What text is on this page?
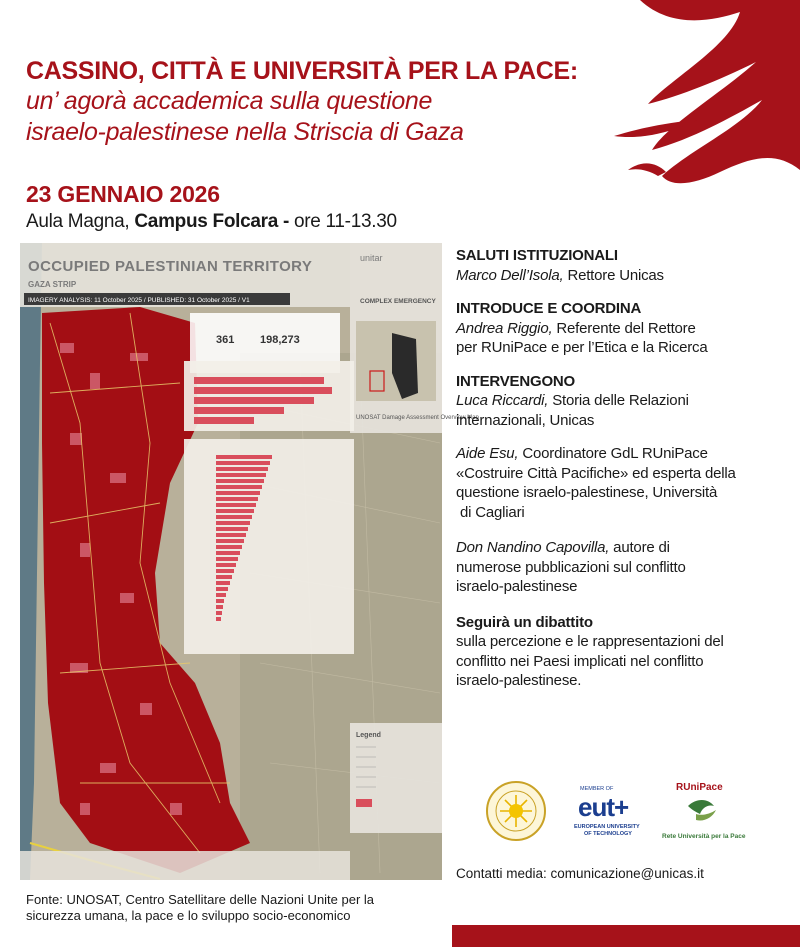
CASSINO, CITTÀ E UNIVERSITÀ PER LA PACE:
un’ agorà accademica sulla questione
israelo-palestinese nella Striscia di Gaza
23 GENNAIO 2026
Aula Magna, Campus Folcara - ore 11-13.30
OCCUPIED PALESTINIAN TERRITORY
GAZA STRIP
IMAGERY ANALYSIS: 11 October 2025 / PUBLISHED: 31 October 2025 / V1
unitar
COMPLEX EMERGENCY
UNOSAT Damage Assessment Overview Map
361 198,273
Legend
SALUTI ISTITUZIONALI
Marco Dell’Isola, Rettore Unicas
INTRODUCE E COORDINA
Andrea Riggio, Referente del Rettore
per RUniPace e per l’Etica e la Ricerca
INTERVENGONO
Luca Riccardi, Storia delle Relazioni
internazionali, Unicas
Aide Esu, Coordinatore GdL RUniPace
«Costruire Città Pacifiche» ed esperta della
questione israelo-palestinese, Università
di Cagliari
Don Nandino Capovilla, autore di
numerose pubblicazioni sul conflitto
israelo-palestinese
Seguirà un dibattito
sulla percezione e le rappresentazioni del
conflitto nei Paesi implicati nel conflitto
israelo-palestinese.
MEMBER OF
eut+
EUROPEAN UNIVERSITY
OF TECHNOLOGY
RUniPace
Rete Università per la Pace
Contatti media: comunicazione@unicas.it
Fonte: UNOSAT, Centro Satellitare delle Nazioni Unite per la
sicurezza umana, la pace e lo sviluppo socio-economico
